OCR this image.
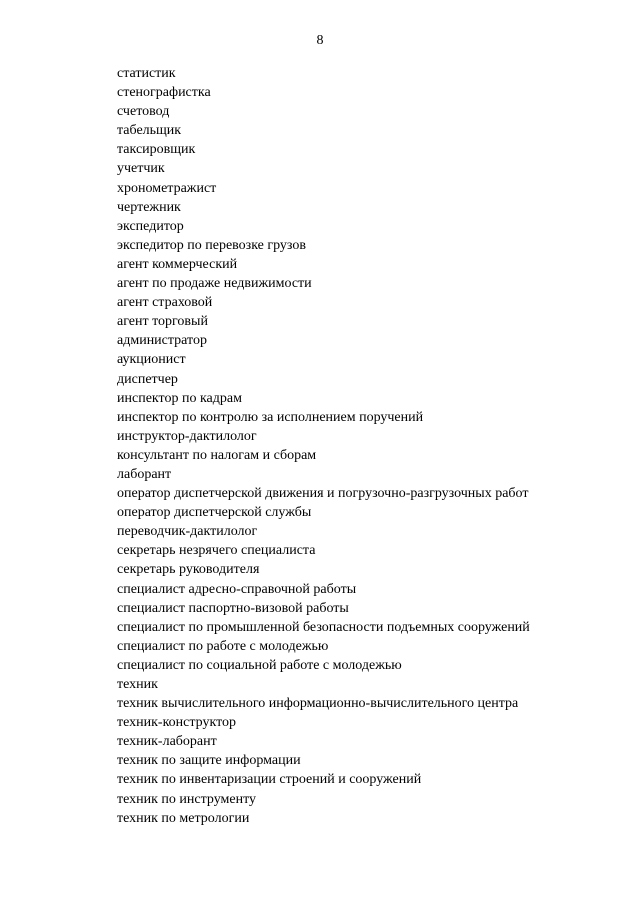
8
статистик
стенографистка
счетовод
табельщик
таксировщик
учетчик
хронометражист
чертежник
экспедитор
экспедитор по перевозке грузов
агент коммерческий
агент по продаже недвижимости
агент страховой
агент торговый
администратор
аукционист
диспетчер
инспектор по кадрам
инспектор по контролю за исполнением поручений
инструктор-дактилолог
консультант по налогам и сборам
лаборант
оператор диспетчерской движения и погрузочно-разгрузочных работ
оператор диспетчерской службы
переводчик-дактилолог
секретарь незрячего специалиста
секретарь руководителя
специалист адресно-справочной работы
специалист паспортно-визовой работы
специалист по промышленной безопасности подъемных сооружений
специалист по работе с молодежью
специалист по социальной работе с молодежью
техник
техник вычислительного информационно-вычислительного центра
техник-конструктор
техник-лаборант
техник по защите информации
техник по инвентаризации строений и сооружений
техник по инструменту
техник по метрологии
